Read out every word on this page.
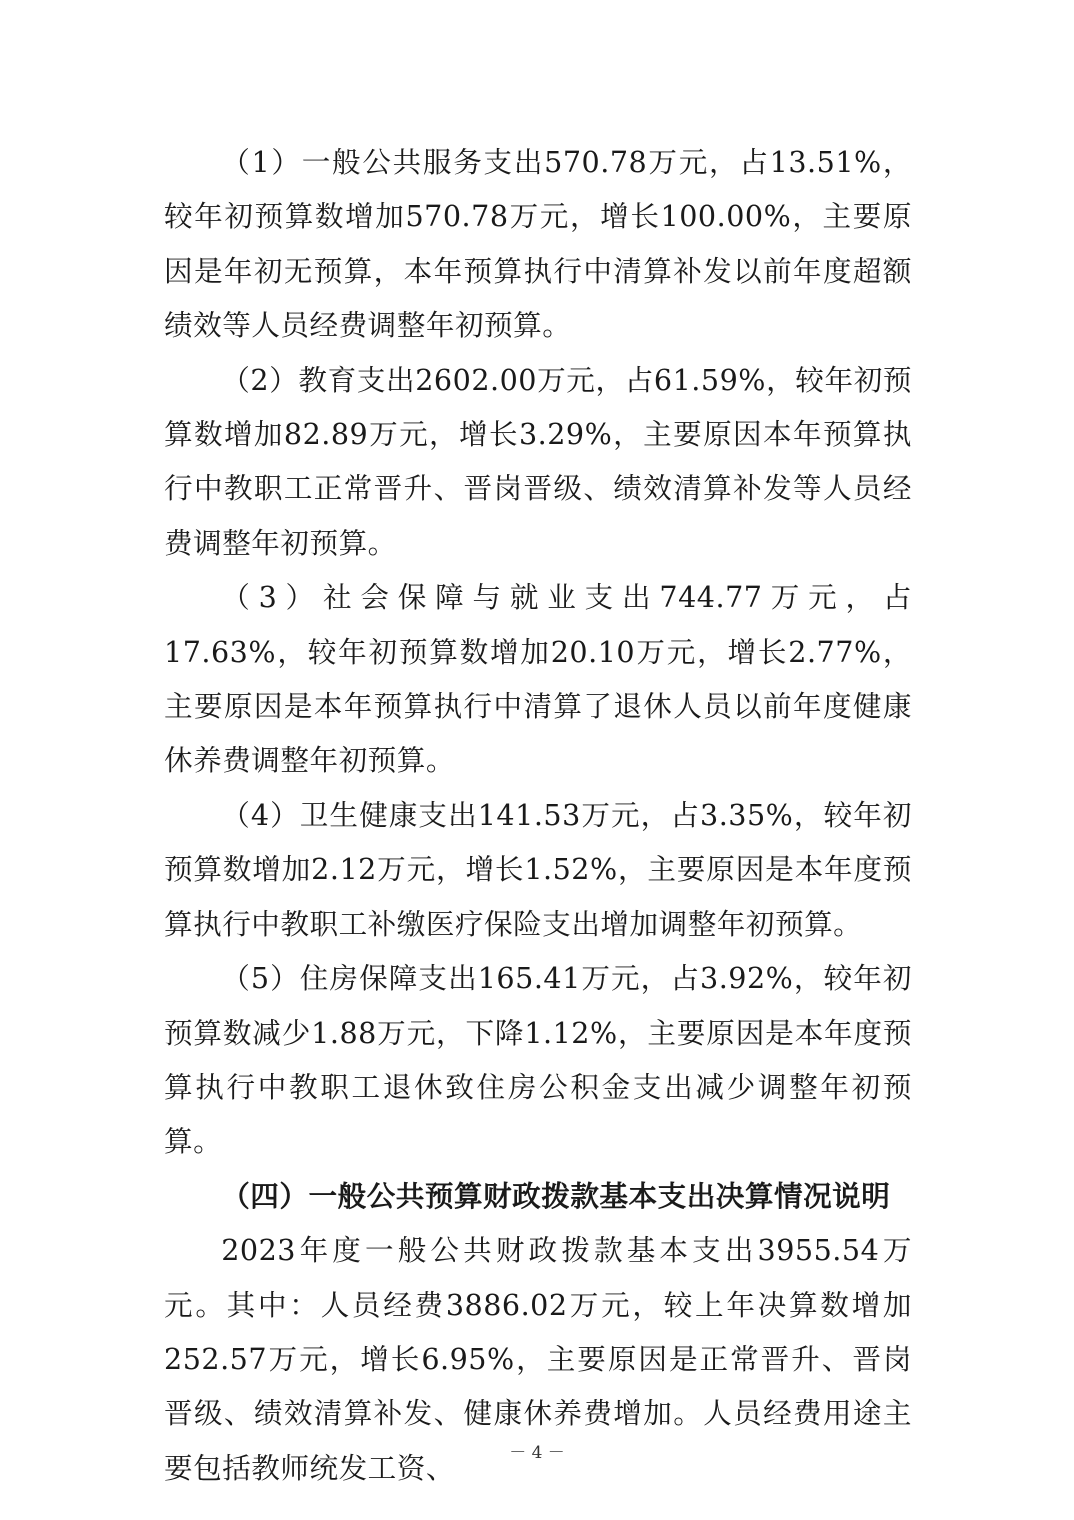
（1）一般公共服务支出570.78万元，占13.51%，较年初预算数增加570.78万元，增长100.00%，主要原因是年初无预算，本年预算执行中清算补发以前年度超额绩效等人员经费调整年初预算。

（2）教育支出2602.00万元，占61.59%，较年初预算数增加82.89万元，增长3.29%，主要原因本年预算执行中教职工正常晋升、晋岗晋级、绩效清算补发等人员经费调整年初预算。

（3）社会保障与就业支出744.77万元，占17.63%，较年初预算数增加20.10万元，增长2.77%，主要原因是本年预算执行中清算了退休人员以前年度健康休养费调整年初预算。

（4）卫生健康支出141.53万元，占3.35%，较年初预算数增加2.12万元，增长1.52%，主要原因是本年度预算执行中教职工补缴医疗保险支出增加调整年初预算。

（5）住房保障支出165.41万元，占3.92%，较年初预算数减少1.88万元，下降1.12%，主要原因是本年度预算执行中教职工退休致住房公积金支出减少调整年初预算。

（四）一般公共预算财政拨款基本支出决算情况说明

2023年度一般公共财政拨款基本支出3955.54万元。其中：人员经费3886.02万元，较上年决算数增加252.57万元，增长6.95%，主要原因是正常晋升、晋岗晋级、绩效清算补发、健康休养费增加。人员经费用途主要包括教师统发工资、	－ 4 －
